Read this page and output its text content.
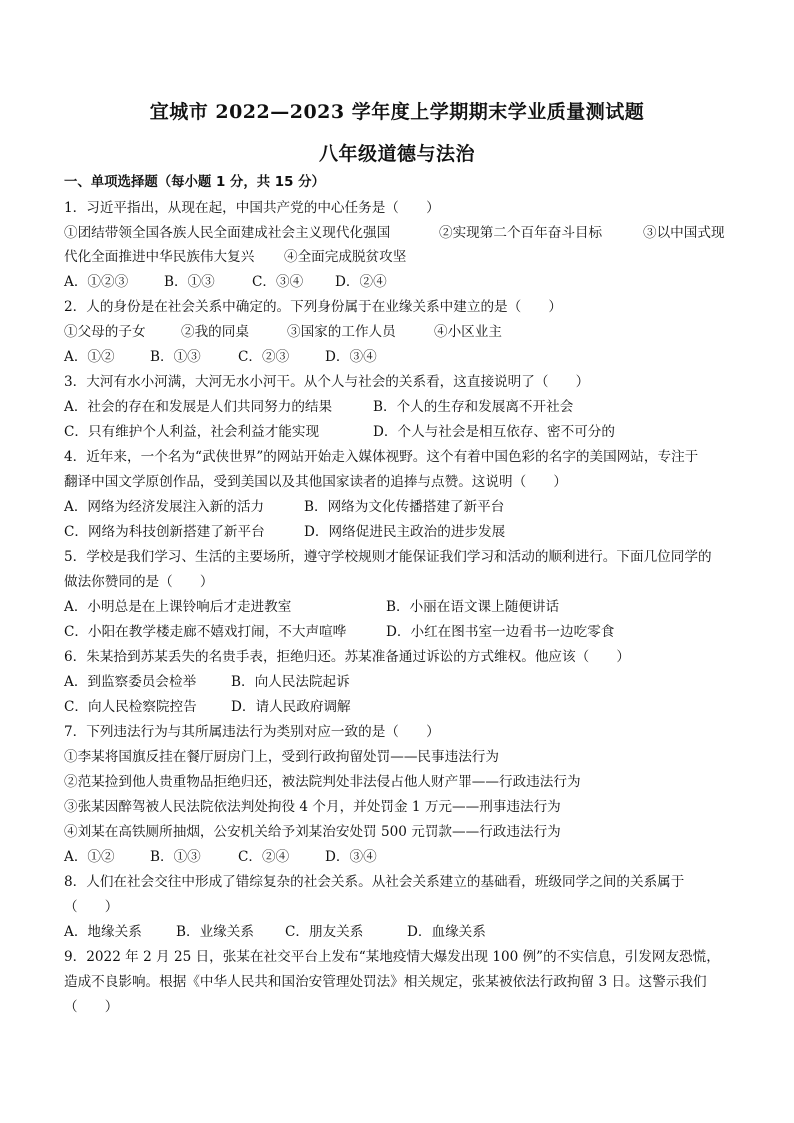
宜城市 2022—2023 学年度上学期期末学业质量测试题
八年级道德与法治
一、单项选择题（每小题 1 分，共 15 分）
1．习近平指出，从现在起，中国共产党的中心任务是（　　）
①团结带领全国各族人民全面建成社会主义现代化强国	②实现第二个百年奋斗目标	③以中国式现
代化全面推进中华民族伟大复兴 ④全面完成脱贫攻坚
A．①②③	B．①③	C．③④ D．②④
2．人的身份是在社会关系中确定的。下列身份属于在业缘关系中建立的是（　　）
①父母的子女	②我的同桌	③国家的工作人员	④小区业主
A．①②	B．①③	C．②③	D．③④
3．大河有水小河满，大河无水小河干。从个人与社会的关系看，这直接说明了（　　）
A．社会的存在和发展是人们共同努力的结果	B．个人的生存和发展离不开社会
C．只有维护个人利益，社会利益才能实现	D．个人与社会是相互依存、密不可分的
4．近年来，一个名为“武侠世界”的网站开始走入媒体视野。这个有着中国色彩的名字的美国网站，专注于
翻译中国文学原创作品，受到美国以及其他国家读者的追捧与点赞。这说明（　　）
A．网络为经济发展注入新的活力	B．网络为文化传播搭建了新平台
C．网络为科技创新搭建了新平台	D．网络促进民主政治的进步发展
5．学校是我们学习、生活的主要场所，遵守学校规则才能保证我们学习和活动的顺利进行。下面几位同学的
做法你赞同的是（　　）
A．小明总是在上课铃响后才走进教室	B．小丽在语文课上随便讲话
C．小阳在教学楼走廊不嬉戏打闹，不大声喧哗	D．小红在图书室一边看书一边吃零食
6．朱某拾到苏某丢失的名贵手表，拒绝归还。苏某准备通过诉讼的方式维权。他应该（　　）
A．到监察委员会检举	B．向人民法院起诉
C．向人民检察院控告	D．请人民政府调解
7．下列违法行为与其所属违法行为类别对应一致的是（　　）
①李某将国旗反挂在餐厅厨房门上，受到行政拘留处罚——民事违法行为
②范某捡到他人贵重物品拒绝归还，被法院判处非法侵占他人财产罪——行政违法行为
③张某因醉驾被人民法院依法判处拘役 4 个月，并处罚金 1 万元——刑事违法行为
④刘某在高铁厕所抽烟，公安机关给予刘某治安处罚 500 元罚款——行政违法行为
A．①②	B．①③	C．②④	D．③④
8．人们在社会交往中形成了错综复杂的社会关系。从社会关系建立的基础看，班级同学之间的关系属于
（　　）
A．地缘关系	B．业缘关系 C．朋友关系	D．血缘关系
9．2022 年 2 月 25 日，张某在社交平台上发布“某地疫情大爆发出现 100 例”的不实信息，引发网友恐慌，
造成不良影响。根据《中华人民共和国治安管理处罚法》相关规定，张某被依法行政拘留 3 日。这警示我们
（　　）
